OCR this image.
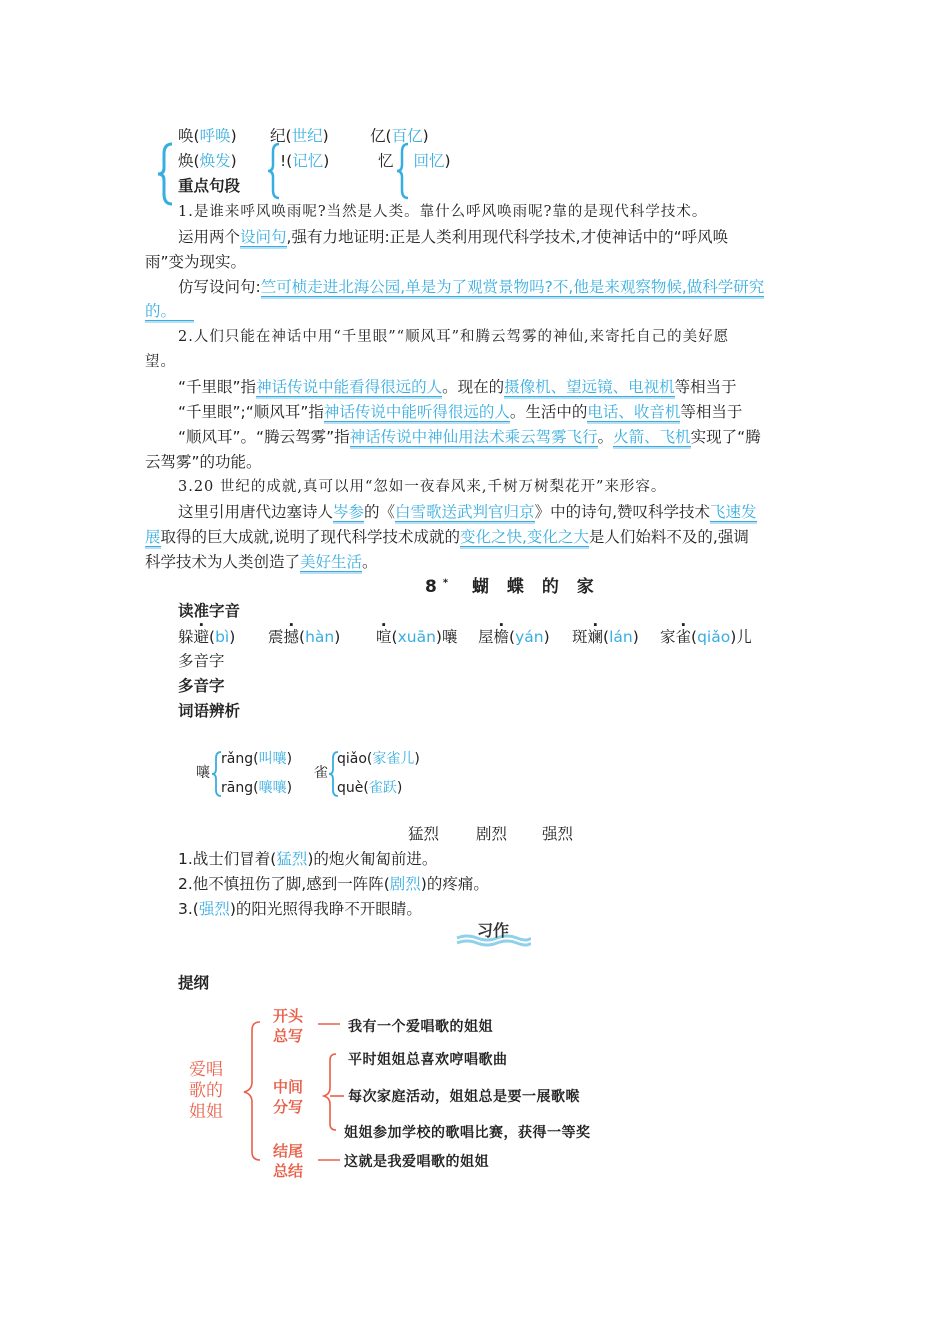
唤(呼唤) 纪(世纪)	亿(百亿)
焕(焕发)	!(记忆)	忆 回忆)
重点句段
1.是谁来呼风唤雨呢?当然是人类。靠什么呼风唤雨呢?靠的是现代科学技术。
运用两个设问句,强有力地证明:正是人类利用现代科学技术,才使神话中的“呼风唤
雨”变为现实。
仿写设问句:竺可桢走进北海公园,单是为了观赏景物吗?不,他是来观察物候,做科学研究
的。
2.人们只能在神话中用“千里眼”“顺风耳”和腾云驾雾的神仙,来寄托自己的美好愿
望。
“千里眼”指神话传说中能看得很远的人。现在的摄像机、望远镜、电视机等相当于
“千里眼”;“顺风耳”指神话传说中能听得很远的人。生活中的电话、收音机等相当于
“顺风耳”。“腾云驾雾”指神话传说中神仙用法术乘云驾雾飞行。火箭、飞机实现了“腾
云驾雾”的功能。
3.20 世纪的成就,真可以用“忽如一夜春风来,千树万树梨花开”来形容。
这里引用唐代边塞诗人岑参的《白雪歌送武判官归京》中的诗句,赞叹科学技术飞速发
展取得的巨大成就,说明了现代科学技术成就的变化之快,变化之大是人们始料不及的,强调
科学技术为人类创造了美好生活。
8* 蝴 蝶 的 家
读准字音
躲避(bì) 震撼(hàn) 喧(xuān)嚷 屋檐(yán) 斑斓(lán) 家雀(qiǎo)儿
多音字
多音字
词语辨析
嚷
rǎng(叫嚷)
rāng(嚷嚷)
雀
qiǎo(家雀儿)
què(雀跃)
猛烈 剧烈 强烈
1.战士们冒着(猛烈)的炮火匍匐前进。
2.他不慎扭伤了脚,感到一阵阵(剧烈)的疼痛。
3.(强烈)的阳光照得我睁不开眼睛。
习作
提纲
爱唱
歌的
姐姐
开头
总写
中间
分写
结尾
总结
我有一个爱唱歌的姐姐
平时姐姐总喜欢哼唱歌曲
每次家庭活动，姐姐总是要一展歌喉
姐姐参加学校的歌唱比赛，获得一等奖
这就是我爱唱歌的姐姐
